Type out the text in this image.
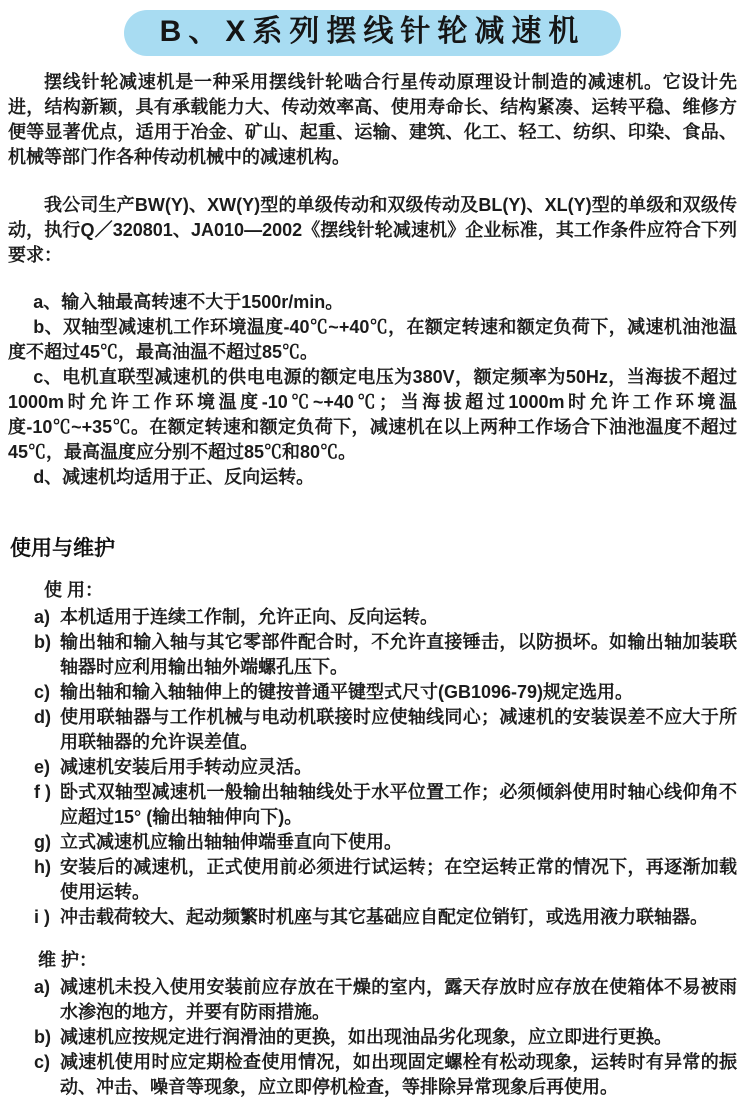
B、X系列摆线针轮减速机

摆线针轮减速机是一种采用摆线针轮啮合行星传动原理设计制造的减速机。它设计先进，结构新颖，具有承载能力大、传动效率高、使用寿命长、结构紧凑、运转平稳、维修方便等显著优点，适用于冶金、矿山、起重、运输、建筑、化工、轻工、纺织、印染、食品、机械等部门作各种传动机械中的减速机构。

我公司生产BW(Y)、XW(Y)型的单级传动和双级传动及BL(Y)、XL(Y)型的单级和双级传动，执行Q／320801、JA010—2002《摆线针轮减速机》企业标准，其工作条件应符合下列要求：

a、输入轴最高转速不大于1500r/min。

b、双轴型减速机工作环境温度-40℃~+40℃，在额定转速和额定负荷下，减速机油池温度不超过45℃，最高油温不超过85℃。

c、电机直联型减速机的供电电源的额定电压为380V，额定频率为50Hz，当海拔不超过1000m时允许工作环境温度-10℃~+40℃；当海拔超过1000m时允许工作环境温度-10℃~+35℃。在额定转速和额定负荷下，减速机在以上两种工作场合下油池温度不超过45℃，最高温度应分别不超过85℃和80℃。

d、减速机均适用于正、反向运转。

使用与维护
使 用：
a) 本机适用于连续工作制，允许正向、反向运转。
b) 输出轴和输入轴与其它零部件配合时，不允许直接锤击，以防损坏。如输出轴加装联轴器时应利用输出轴外端螺孔压下。
c) 输出轴和输入轴轴伸上的键按普通平键型式尺寸(GB1096-79)规定选用。
d) 使用联轴器与工作机械与电动机联接时应使轴线同心；减速机的安装误差不应大于所用联轴器的允许误差值。
e) 减速机安装后用手转动应灵活。
f ) 卧式双轴型减速机一般输出轴轴线处于水平位置工作；必须倾斜使用时轴心线仰角不应超过15° (输出轴轴伸向下)。
g) 立式减速机应输出轴轴伸端垂直向下使用。
h) 安装后的减速机，正式使用前必须进行试运转；在空运转正常的情况下，再逐渐加载使用运转。
i ) 冲击载荷较大、起动频繁时机座与其它基础应自配定位销钉，或选用液力联轴器。
维 护：
a) 减速机未投入使用安装前应存放在干燥的室内，露天存放时应存放在使箱体不易被雨水渗泡的地方，并要有防雨措施。
b) 减速机应按规定进行润滑油的更换，如出现油品劣化现象，应立即进行更换。
c) 减速机使用时应定期检查使用情况，如出现固定螺栓有松动现象，运转时有异常的振动、冲击、噪音等现象，应立即停机检查，等排除异常现象后再使用。
